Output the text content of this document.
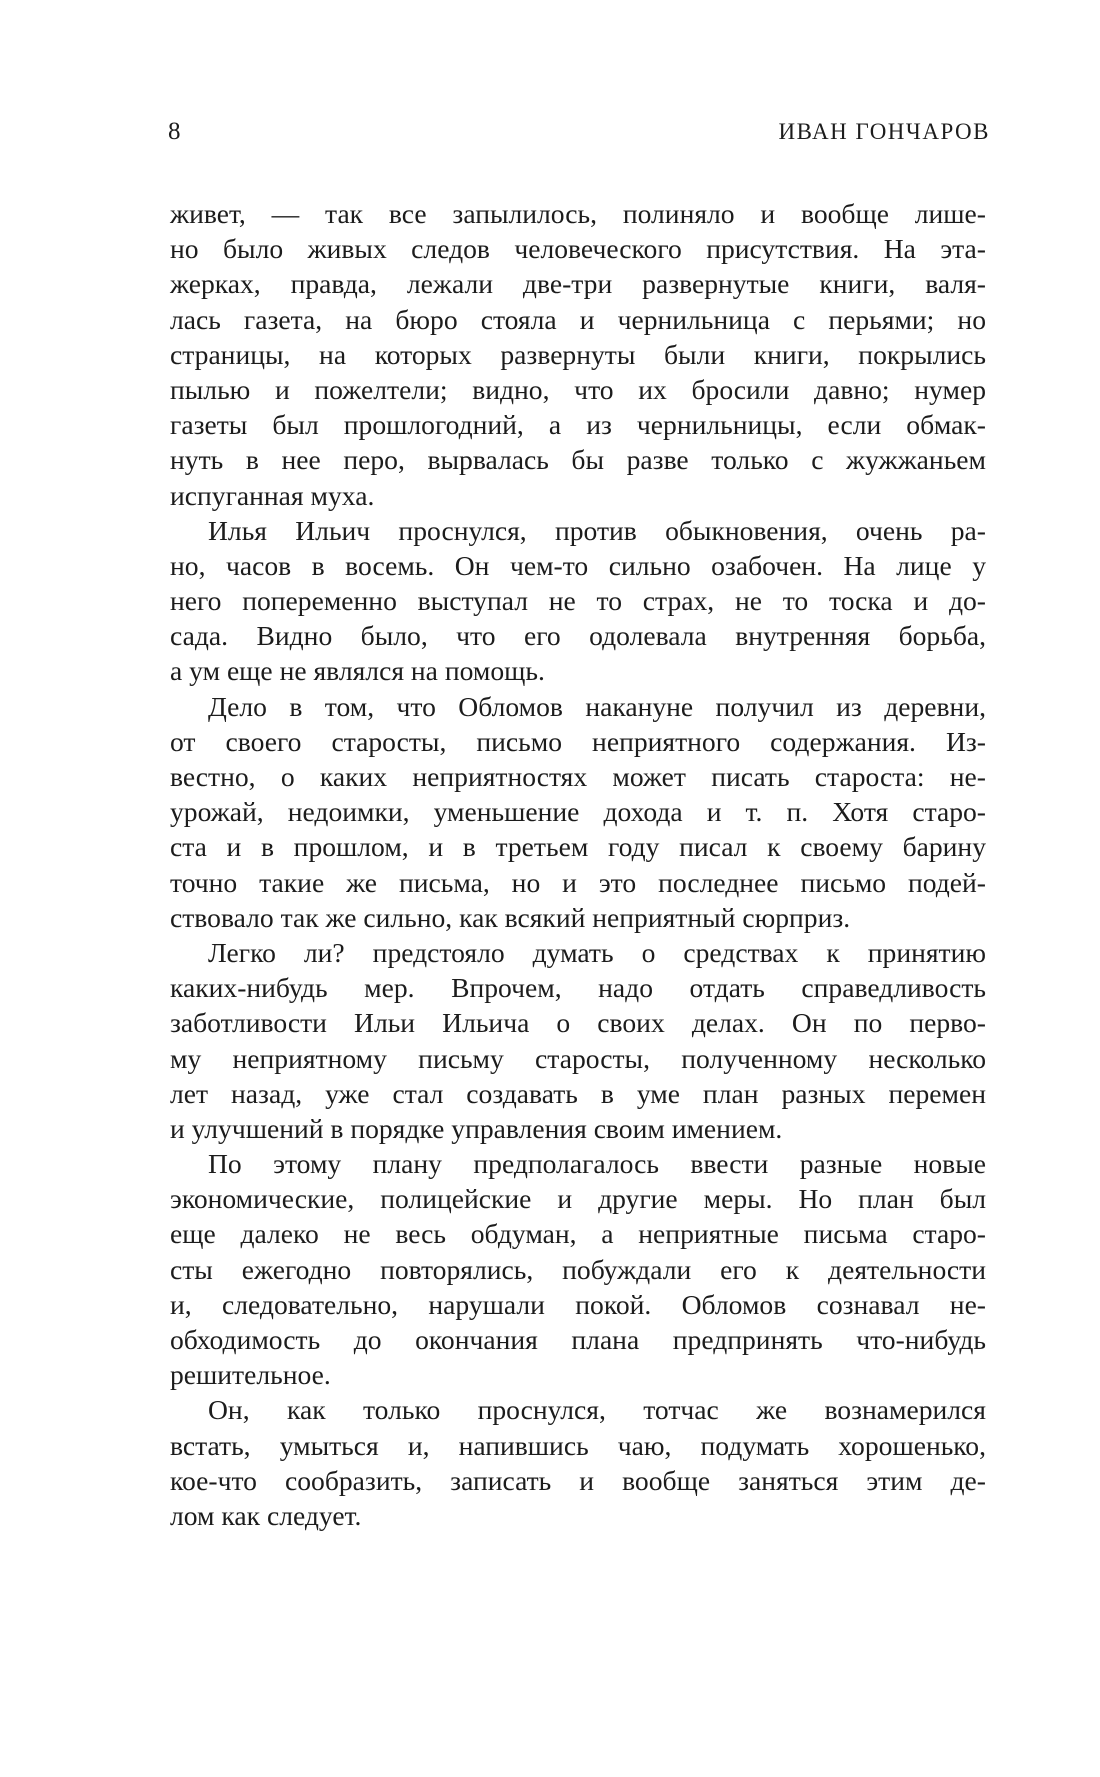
8	ИВАН ГОНЧАРОВ
живет, — так все запылилось, полиняло и вообще лише-
но было живых следов человеческого присутствия. На эта-
жерках, правда, лежали две-три развернутые книги, валя-
лась газета, на бюро стояла и чернильница с перьями; но
страницы, на которых развернуты были книги, покрылись
пылью и пожелтели; видно, что их бросили давно; нумер
газеты был прошлогодний, а из чернильницы, если обмак-
нуть в нее перо, вырвалась бы разве только с жужжаньем
испуганная муха.
Илья Ильич проснулся, против обыкновения, очень ра-
но, часов в восемь. Он чем-то сильно озабочен. На лице у
него попеременно выступал не то страх, не то тоска и до-
сада. Видно было, что его одолевала внутренняя борьба,
а ум еще не являлся на помощь.
Дело в том, что Обломов накануне получил из деревни,
от своего старосты, письмо неприятного содержания. Из-
вестно, о каких неприятностях может писать староста: не-
урожай, недоимки, уменьшение дохода и т. п. Хотя старо-
ста и в прошлом, и в третьем году писал к своему барину
точно такие же письма, но и это последнее письмо подей-
ствовало так же сильно, как всякий неприятный сюрприз.
Легко ли? предстояло думать о средствах к принятию
каких-нибудь мер. Впрочем, надо отдать справедливость
заботливости Ильи Ильича о своих делах. Он по перво-
му неприятному письму старосты, полученному несколько
лет назад, уже стал создавать в уме план разных перемен
и улучшений в порядке управления своим имением.
По этому плану предполагалось ввести разные новые
экономические, полицейские и другие меры. Но план был
еще далеко не весь обдуман, а неприятные письма старо-
сты ежегодно повторялись, побуждали его к деятельности
и, следовательно, нарушали покой. Обломов сознавал не-
обходимость до окончания плана предпринять что-нибудь
решительное.
Он, как только проснулся, тотчас же вознамерился
встать, умыться и, напившись чаю, подумать хорошенько,
кое-что сообразить, записать и вообще заняться этим де-
лом как следует.
